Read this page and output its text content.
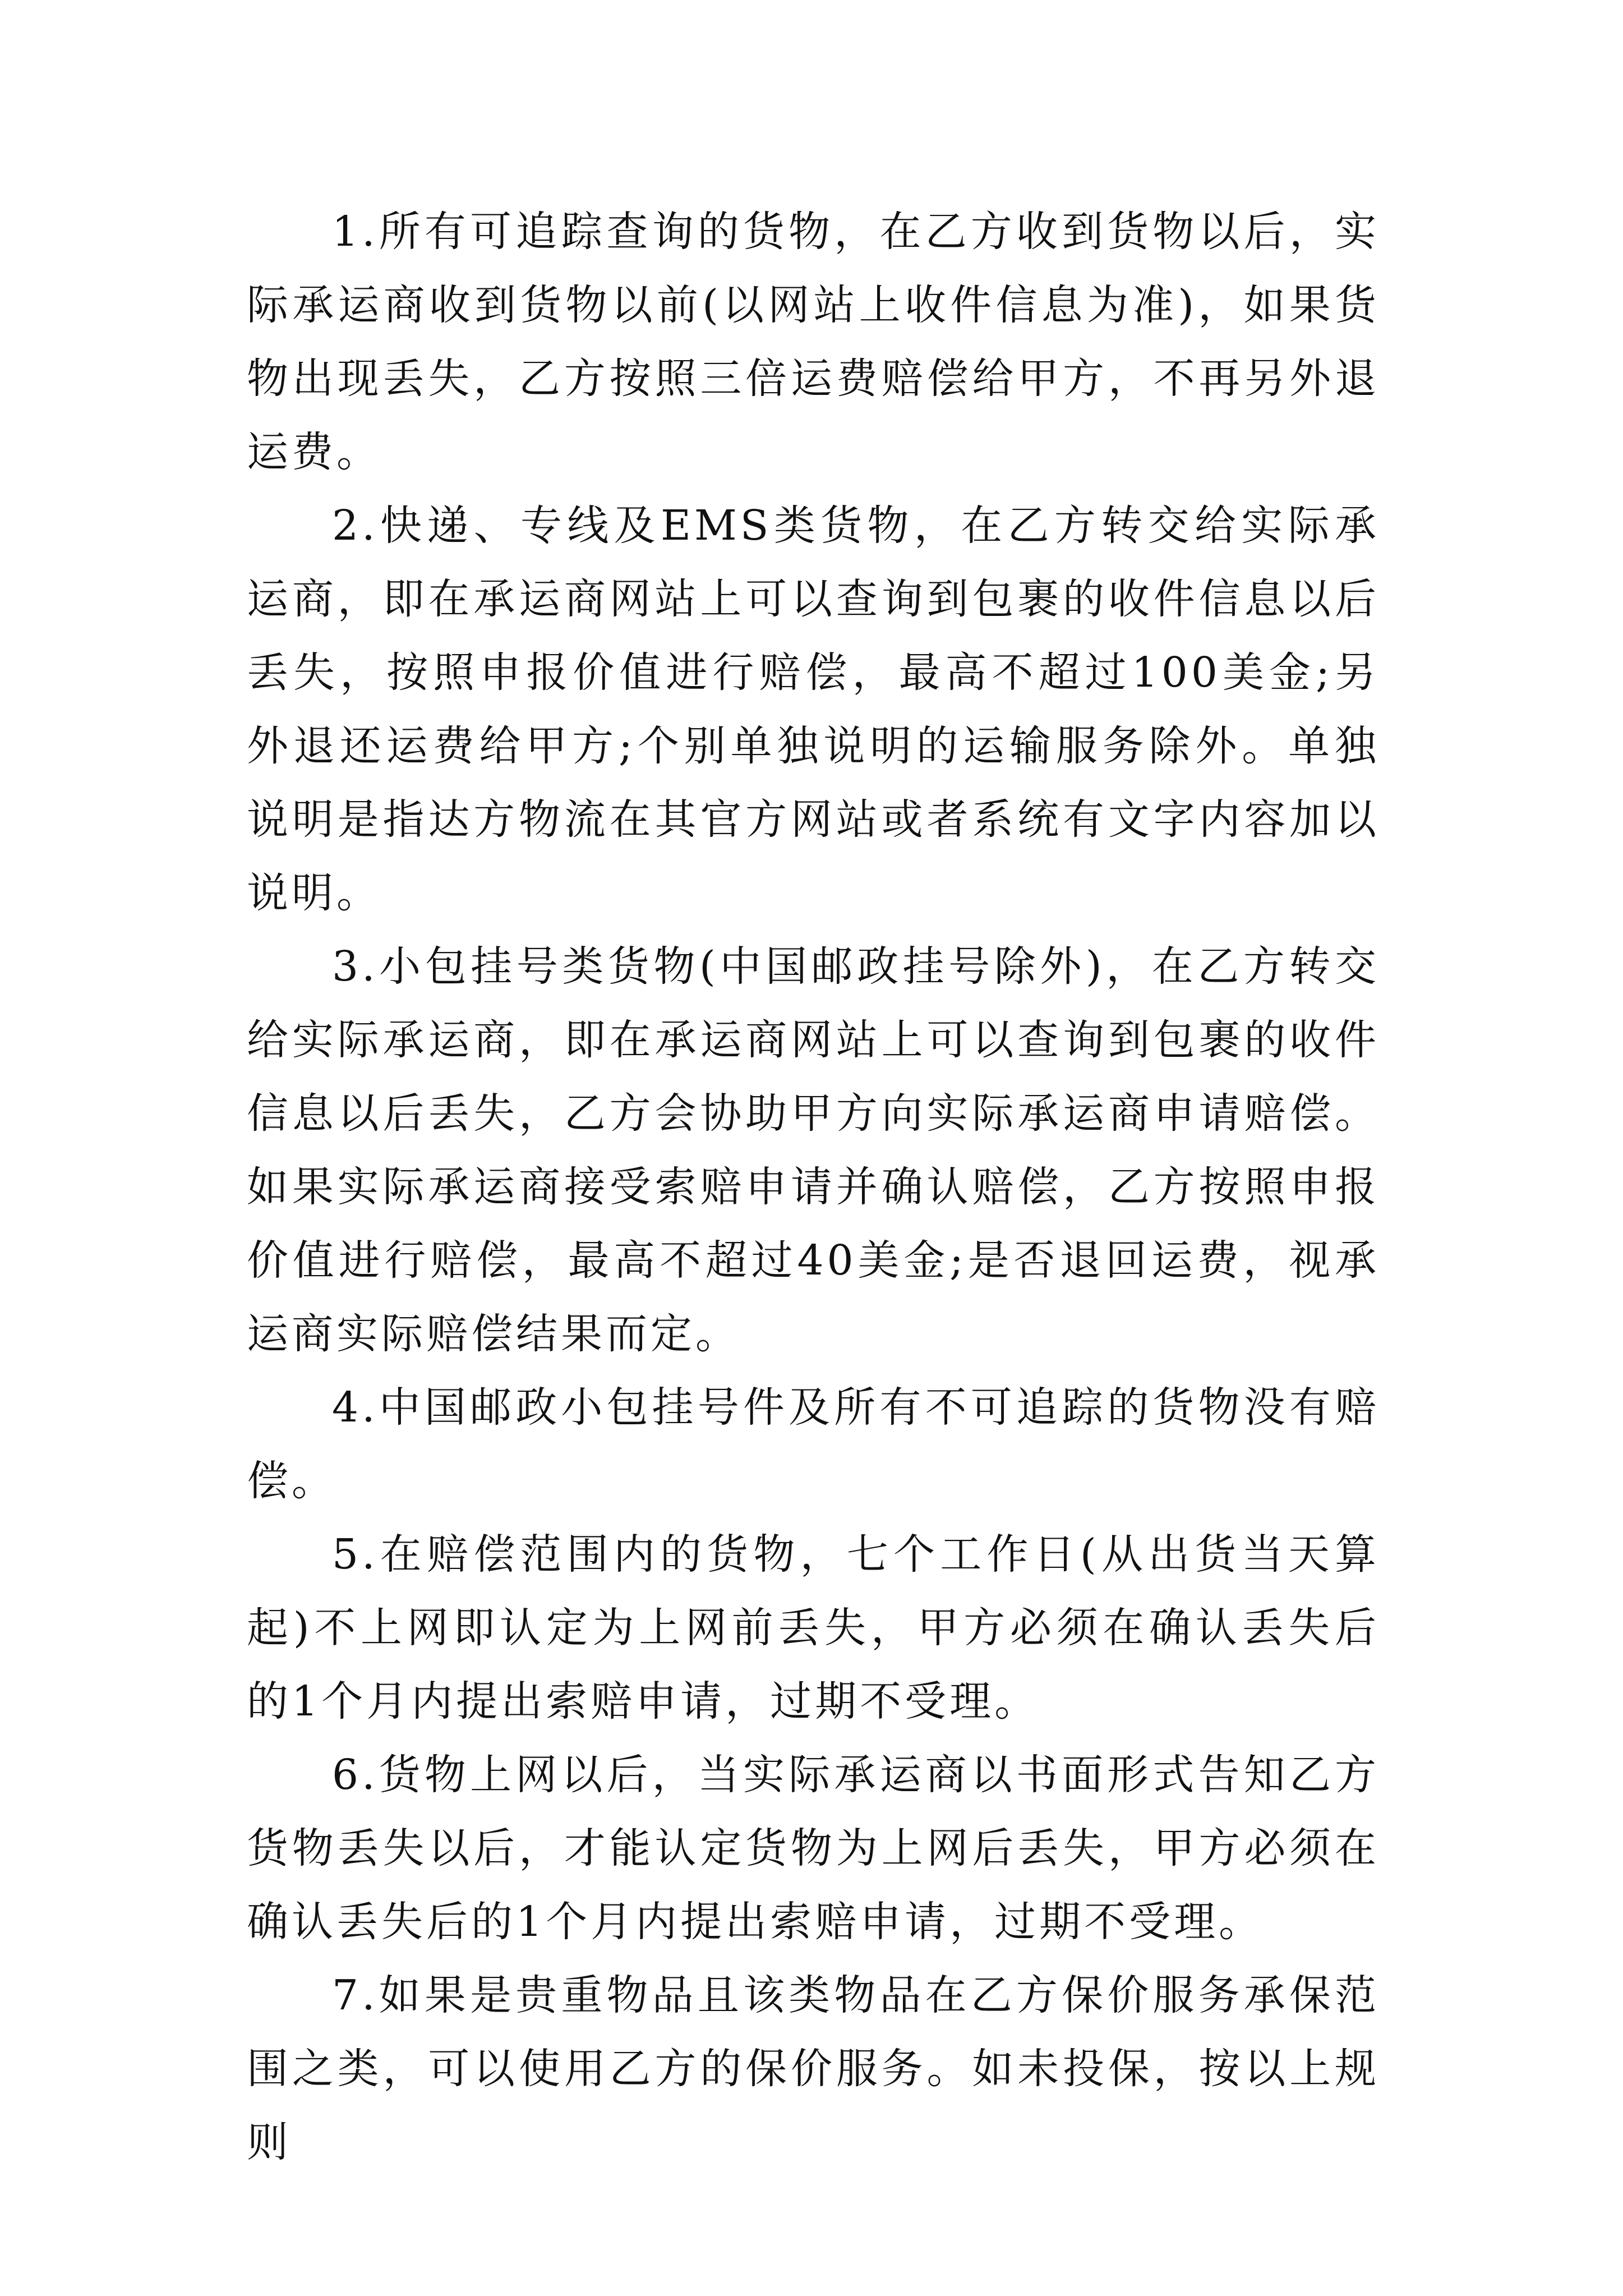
1.所有可追踪查询的货物，在乙方收到货物以后，实际承运商收到货物以前(以网站上收件信息为准)，如果货物出现丢失，乙方按照三倍运费赔偿给甲方，不再另外退运费。

2.快递、专线及EMS类货物，在乙方转交给实际承运商，即在承运商网站上可以查询到包裹的收件信息以后丢失，按照申报价值进行赔偿，最高不超过100美金;另外退还运费给甲方;个别单独说明的运输服务除外。单独说明是指达方物流在其官方网站或者系统有文字内容加以说明。

3.小包挂号类货物(中国邮政挂号除外)，在乙方转交给实际承运商，即在承运商网站上可以查询到包裹的收件信息以后丢失，乙方会协助甲方向实际承运商申请赔偿。如果实际承运商接受索赔申请并确认赔偿，乙方按照申报价值进行赔偿，最高不超过40美金;是否退回运费，视承运商实际赔偿结果而定。

4.中国邮政小包挂号件及所有不可追踪的货物没有赔偿。

5.在赔偿范围内的货物，七个工作日(从出货当天算起)不上网即认定为上网前丢失，甲方必须在确认丢失后的1个月内提出索赔申请，过期不受理。

6.货物上网以后，当实际承运商以书面形式告知乙方货物丢失以后，才能认定货物为上网后丢失，甲方必须在确认丢失后的1个月内提出索赔申请，过期不受理。

7.如果是贵重物品且该类物品在乙方保价服务承保范围之类，可以使用乙方的保价服务。如未投保，按以上规则
